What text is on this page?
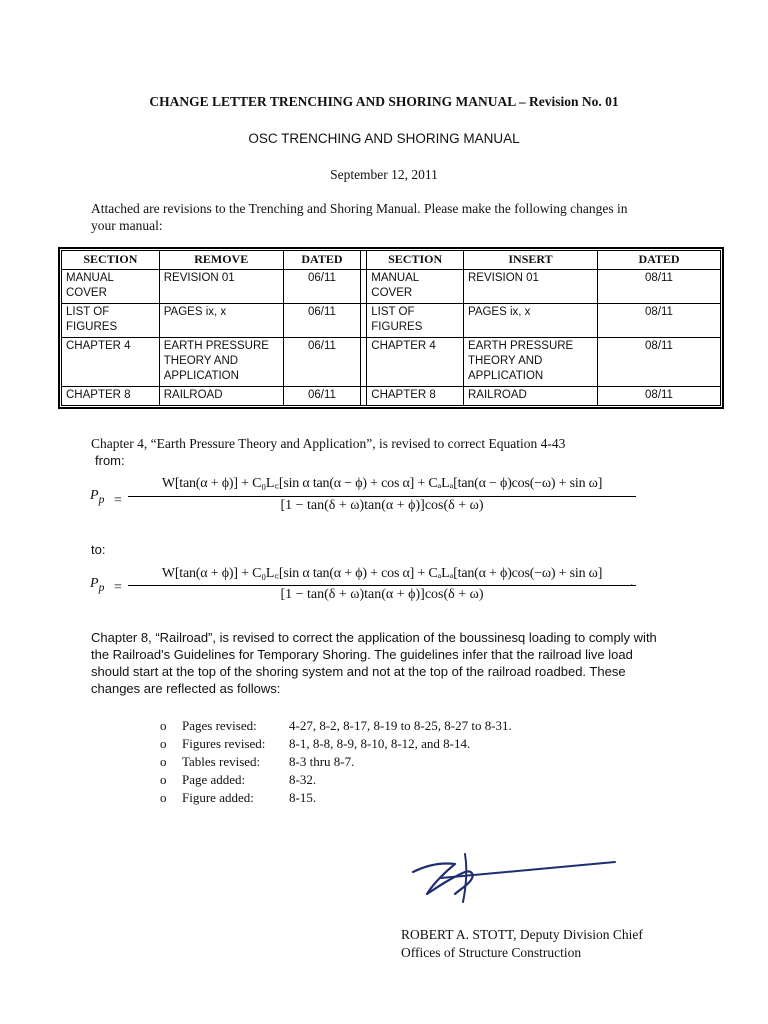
CHANGE LETTER TRENCHING AND SHORING MANUAL – Revision No. 01
OSC TRENCHING AND SHORING MANUAL
September 12, 2011
Attached are revisions to the Trenching and Shoring Manual. Please make the following changes in your manual:
SECTION	REMOVE	DATED		SECTION	INSERT	DATED
MANUAL COVER	REVISION 01	06/11		MANUAL COVER	REVISION 01	08/11
LIST OF FIGURES	PAGES ix, x	06/11		LIST OF FIGURES	PAGES ix, x	08/11
CHAPTER 4	EARTH PRESSURE THEORY AND APPLICATION	06/11		CHAPTER 4	EARTH PRESSURE THEORY AND APPLICATION	08/11
CHAPTER 8	RAILROAD	06/11		CHAPTER 8	RAILROAD	08/11
Chapter 4, “Earth Pressure Theory and Application”, is revised to correct Equation 4-43
from:
$P_p$ =
W[tan(α + ϕ)] + C₀L꜀[sin α tan(α − ϕ) + cos α] + CₐLₐ[tan(α − ϕ)cos(−ω) + sin ω]
[1 − tan(δ + ω)tan(α + ϕ)]cos(δ + ω)
to:
$P_p$ =
W[tan(α + ϕ)] + C₀L꜀[sin α tan(α + ϕ) + cos α] + CₐLₐ[tan(α + ϕ)cos(−ω) + sin ω]
[1 − tan(δ + ω)tan(α + ϕ)]cos(δ + ω)
.
Chapter 8, “Railroad”, is revised to correct the application of the boussinesq loading to comply with the Railroad's Guidelines for Temporary Shoring. The guidelines infer that the railroad live load should start at the top of the shoring system and not at the top of the railroad roadbed. These changes are reflected as follows:
o Pages revised: 4-27, 8-2, 8-17, 8-19 to 8-25, 8-27 to 8-31.
o Figures revised: 8-1, 8-8, 8-9, 8-10, 8-12, and 8-14.
o Tables revised: 8-3 thru 8-7.
o Page added:	8-32.
o Figure added:	8-15.
ROBERT A. STOTT, Deputy Division Chief
Offices of Structure Construction
